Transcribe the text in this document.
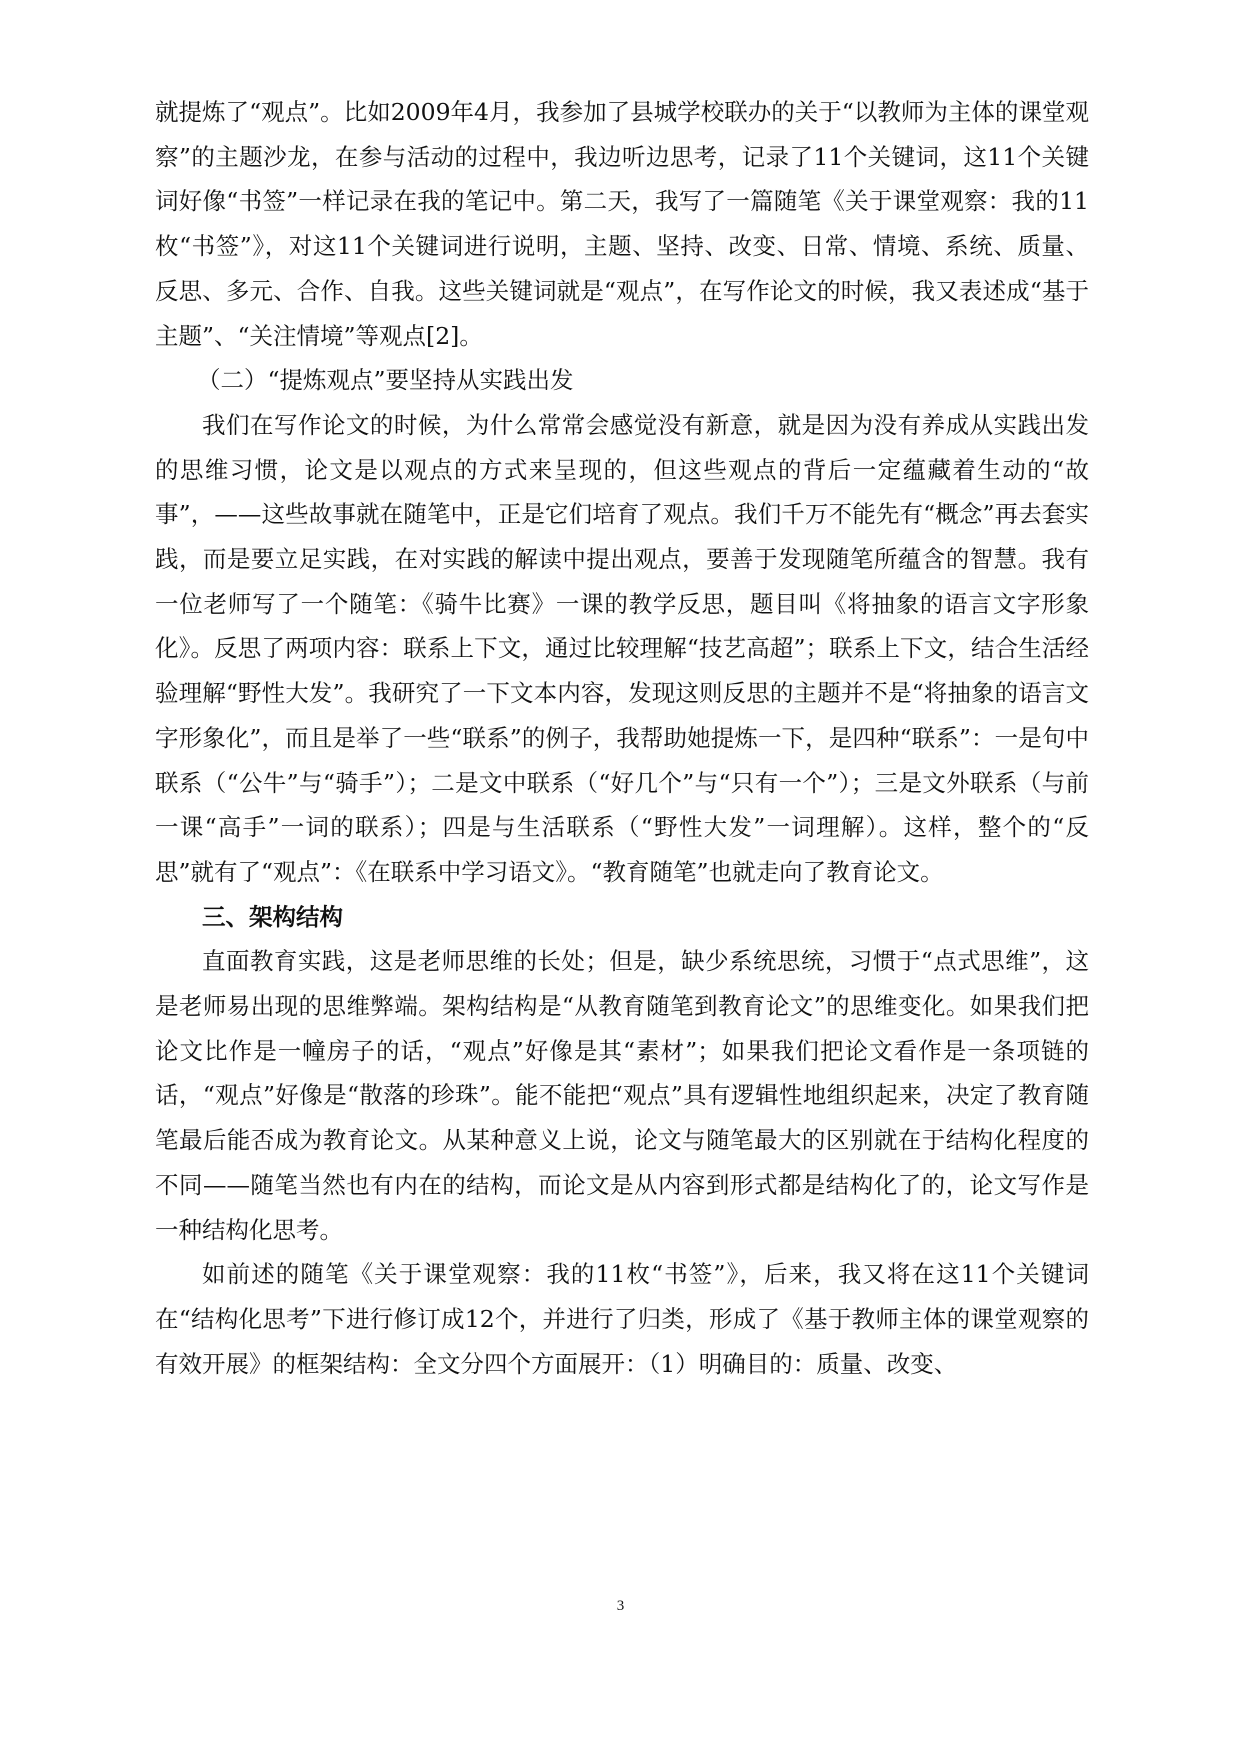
就提炼了“观点”。比如2009年4月，我参加了县城学校联办的关于“以教师为主体的课堂观察”的主题沙龙，在参与活动的过程中，我边听边思考，记录了11个关键词，这11个关键词好像“书签”一样记录在我的笔记中。第二天，我写了一篇随笔《关于课堂观察：我的11枚“书签”》，对这11个关键词进行说明，主题、坚持、改变、日常、情境、系统、质量、反思、多元、合作、自我。这些关键词就是“观点”，在写作论文的时候，我又表述成“基于主题”、“关注情境”等观点[2]。

（二）“提炼观点”要坚持从实践出发

我们在写作论文的时候，为什么常常会感觉没有新意，就是因为没有养成从实践出发的思维习惯，论文是以观点的方式来呈现的，但这些观点的背后一定蕴藏着生动的“故事”，——这些故事就在随笔中，正是它们培育了观点。我们千万不能先有“概念”再去套实践，而是要立足实践，在对实践的解读中提出观点，要善于发现随笔所蕴含的智慧。我有一位老师写了一个随笔：《骑牛比赛》一课的教学反思，题目叫《将抽象的语言文字形象化》。反思了两项内容：联系上下文，通过比较理解“技艺高超”；联系上下文，结合生活经验理解“野性大发”。我研究了一下文本内容，发现这则反思的主题并不是“将抽象的语言文字形象化”，而且是举了一些“联系”的例子，我帮助她提炼一下，是四种“联系”：一是句中联系（“公牛”与“骑手”）；二是文中联系（“好几个”与“只有一个”）；三是文外联系（与前一课“高手”一词的联系）；四是与生活联系（“野性大发”一词理解）。这样，整个的“反思”就有了“观点”：《在联系中学习语文》。“教育随笔”也就走向了教育论文。

三、架构结构

直面教育实践，这是老师思维的长处；但是，缺少系统思统，习惯于“点式思维”，这是老师易出现的思维弊端。架构结构是“从教育随笔到教育论文”的思维变化。如果我们把论文比作是一幢房子的话，“观点”好像是其“素材”；如果我们把论文看作是一条项链的话，“观点”好像是“散落的珍珠”。能不能把“观点”具有逻辑性地组织起来，决定了教育随笔最后能否成为教育论文。从某种意义上说，论文与随笔最大的区别就在于结构化程度的不同——随笔当然也有内在的结构，而论文是从内容到形式都是结构化了的，论文写作是一种结构化思考。

如前述的随笔《关于课堂观察：我的11枚“书签”》，后来，我又将在这11个关键词在“结构化思考”下进行修订成12个，并进行了归类，形成了《基于教师主体的课堂观察的有效开展》的框架结构：全文分四个方面展开：（1）明确目的：质量、改变、

3
